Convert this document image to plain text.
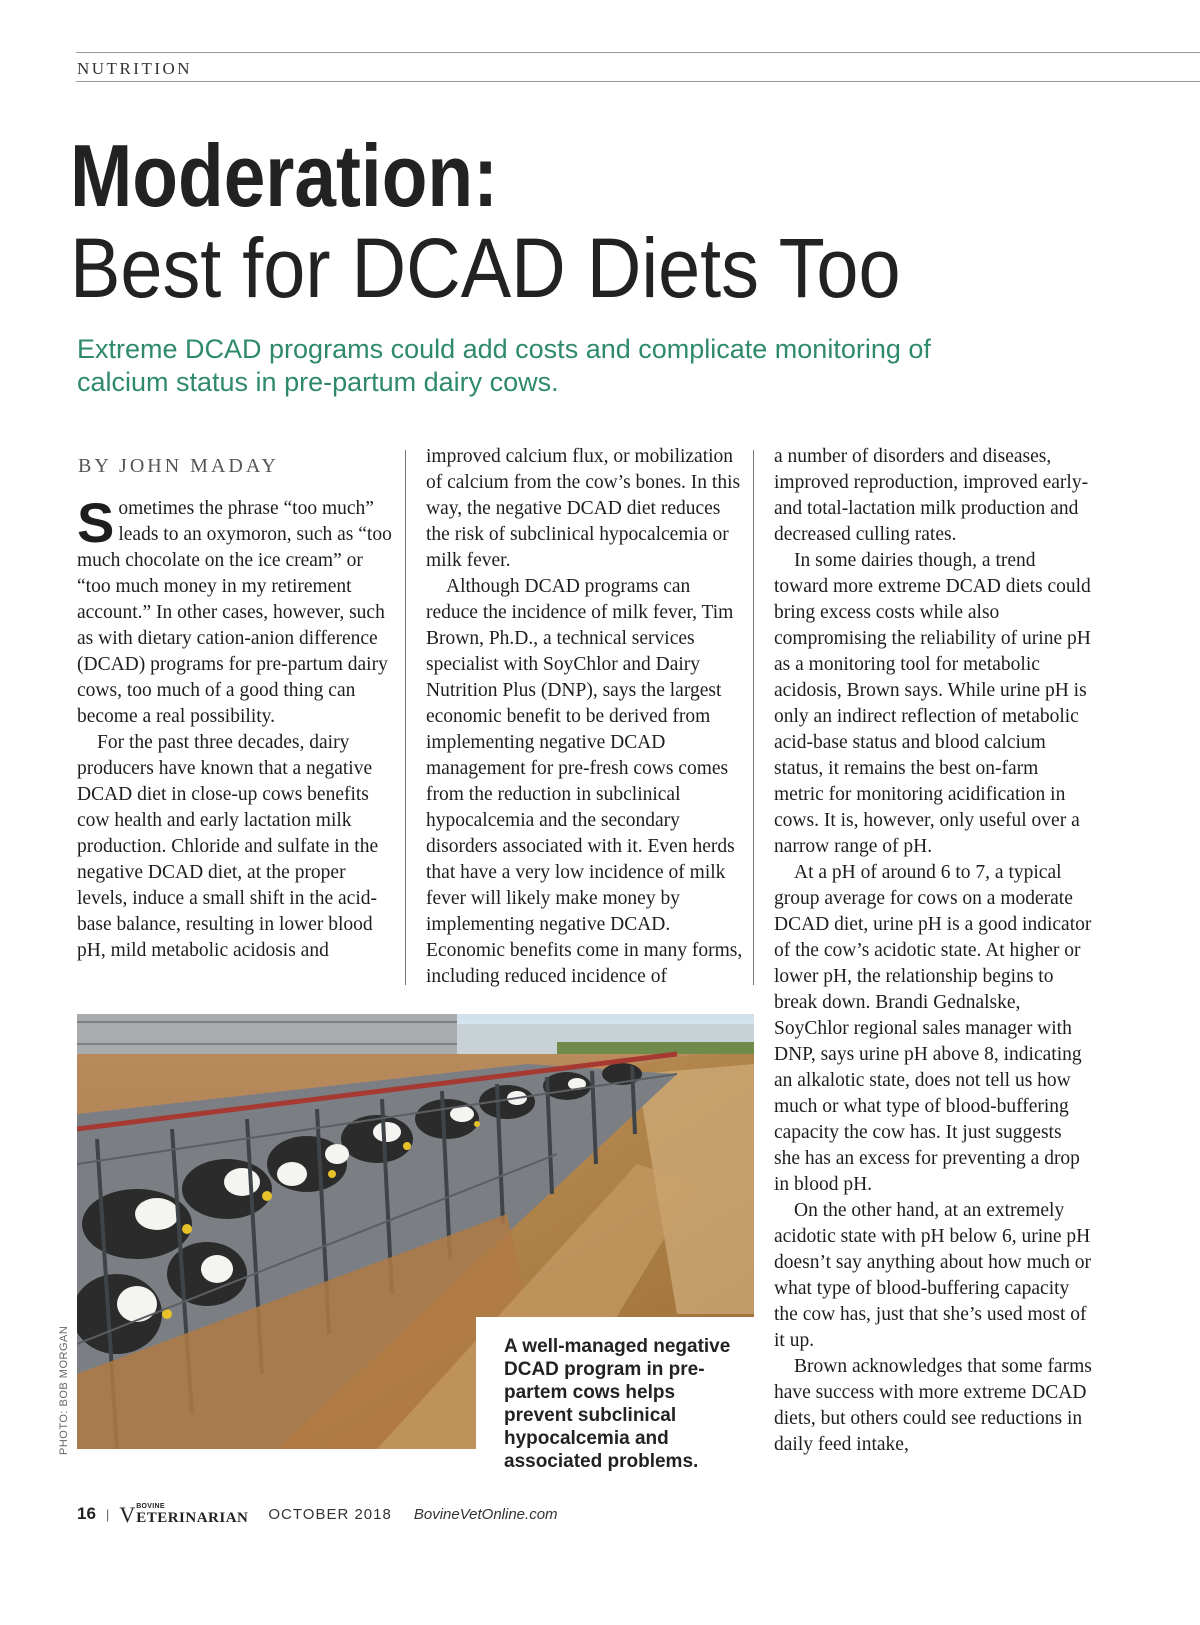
NUTRITION
Moderation:
Best for DCAD Diets Too

Extreme DCAD programs could add costs and complicate monitoring of calcium status in pre-partum dairy cows.

BY JOHN MADAY

Sometimes the phrase “too much” leads to an oxymoron, such as “too much chocolate on the ice cream” or “too much money in my retirement account.” In other cases, however, such as with dietary cation-anion difference (DCAD) programs for pre-partum dairy cows, too much of a good thing can become a real possibility.

For the past three decades, dairy producers have known that a negative DCAD diet in close-up cows benefits cow health and early lactation milk production. Chloride and sulfate in the negative DCAD diet, at the proper levels, induce a small shift in the acid-base balance, resulting in lower blood pH, mild metabolic acidosis and

improved calcium flux, or mobilization of calcium from the cow’s bones. In this way, the negative DCAD diet reduces the risk of subclinical hypocalcemia or milk fever.

Although DCAD programs can reduce the incidence of milk fever, Tim Brown, Ph.D., a technical services specialist with SoyChlor and Dairy Nutrition Plus (DNP), says the largest economic benefit to be derived from implementing negative DCAD management for pre-fresh cows comes from the reduction in subclinical hypocalcemia and the secondary disorders associated with it. Even herds that have a very low incidence of milk fever will likely make money by implementing negative DCAD. Economic benefits come in many forms, including reduced incidence of

a number of disorders and diseases, improved reproduction, improved early- and total-lactation milk production and decreased culling rates.

In some dairies though, a trend toward more extreme DCAD diets could bring excess costs while also compromising the reliability of urine pH as a monitoring tool for metabolic acidosis, Brown says. While urine pH is only an indirect reflection of metabolic acid-base status and blood calcium status, it remains the best on-farm metric for monitoring acidification in cows. It is, however, only useful over a narrow range of pH.

At a pH of around 6 to 7, a typical group average for cows on a moderate DCAD diet, urine pH is a good indicator of the cow’s acidotic state. At higher or lower pH, the relationship begins to break down. Brandi Gednalske, SoyChlor regional sales manager with DNP, says urine pH above 8, indicating an alkalotic state, does not tell us how much or what type of blood-buffering capacity the cow has. It just suggests she has an excess for preventing a drop in blood pH.

On the other hand, at an extremely acidotic state with pH below 6, urine pH doesn’t say anything about how much or what type of blood-buffering capacity the cow has, just that she’s used most of it up.

Brown acknowledges that some farms have success with more extreme DCAD diets, but others could see reductions in daily feed intake,

A well-managed negative DCAD program in pre-partem cows helps prevent subclinical hypocalcemia and associated problems.

PHOTO: BOB MORGAN
16 | V BOVINE
ETERINARIAN OCTOBER 2018 BovineVetOnline.com
